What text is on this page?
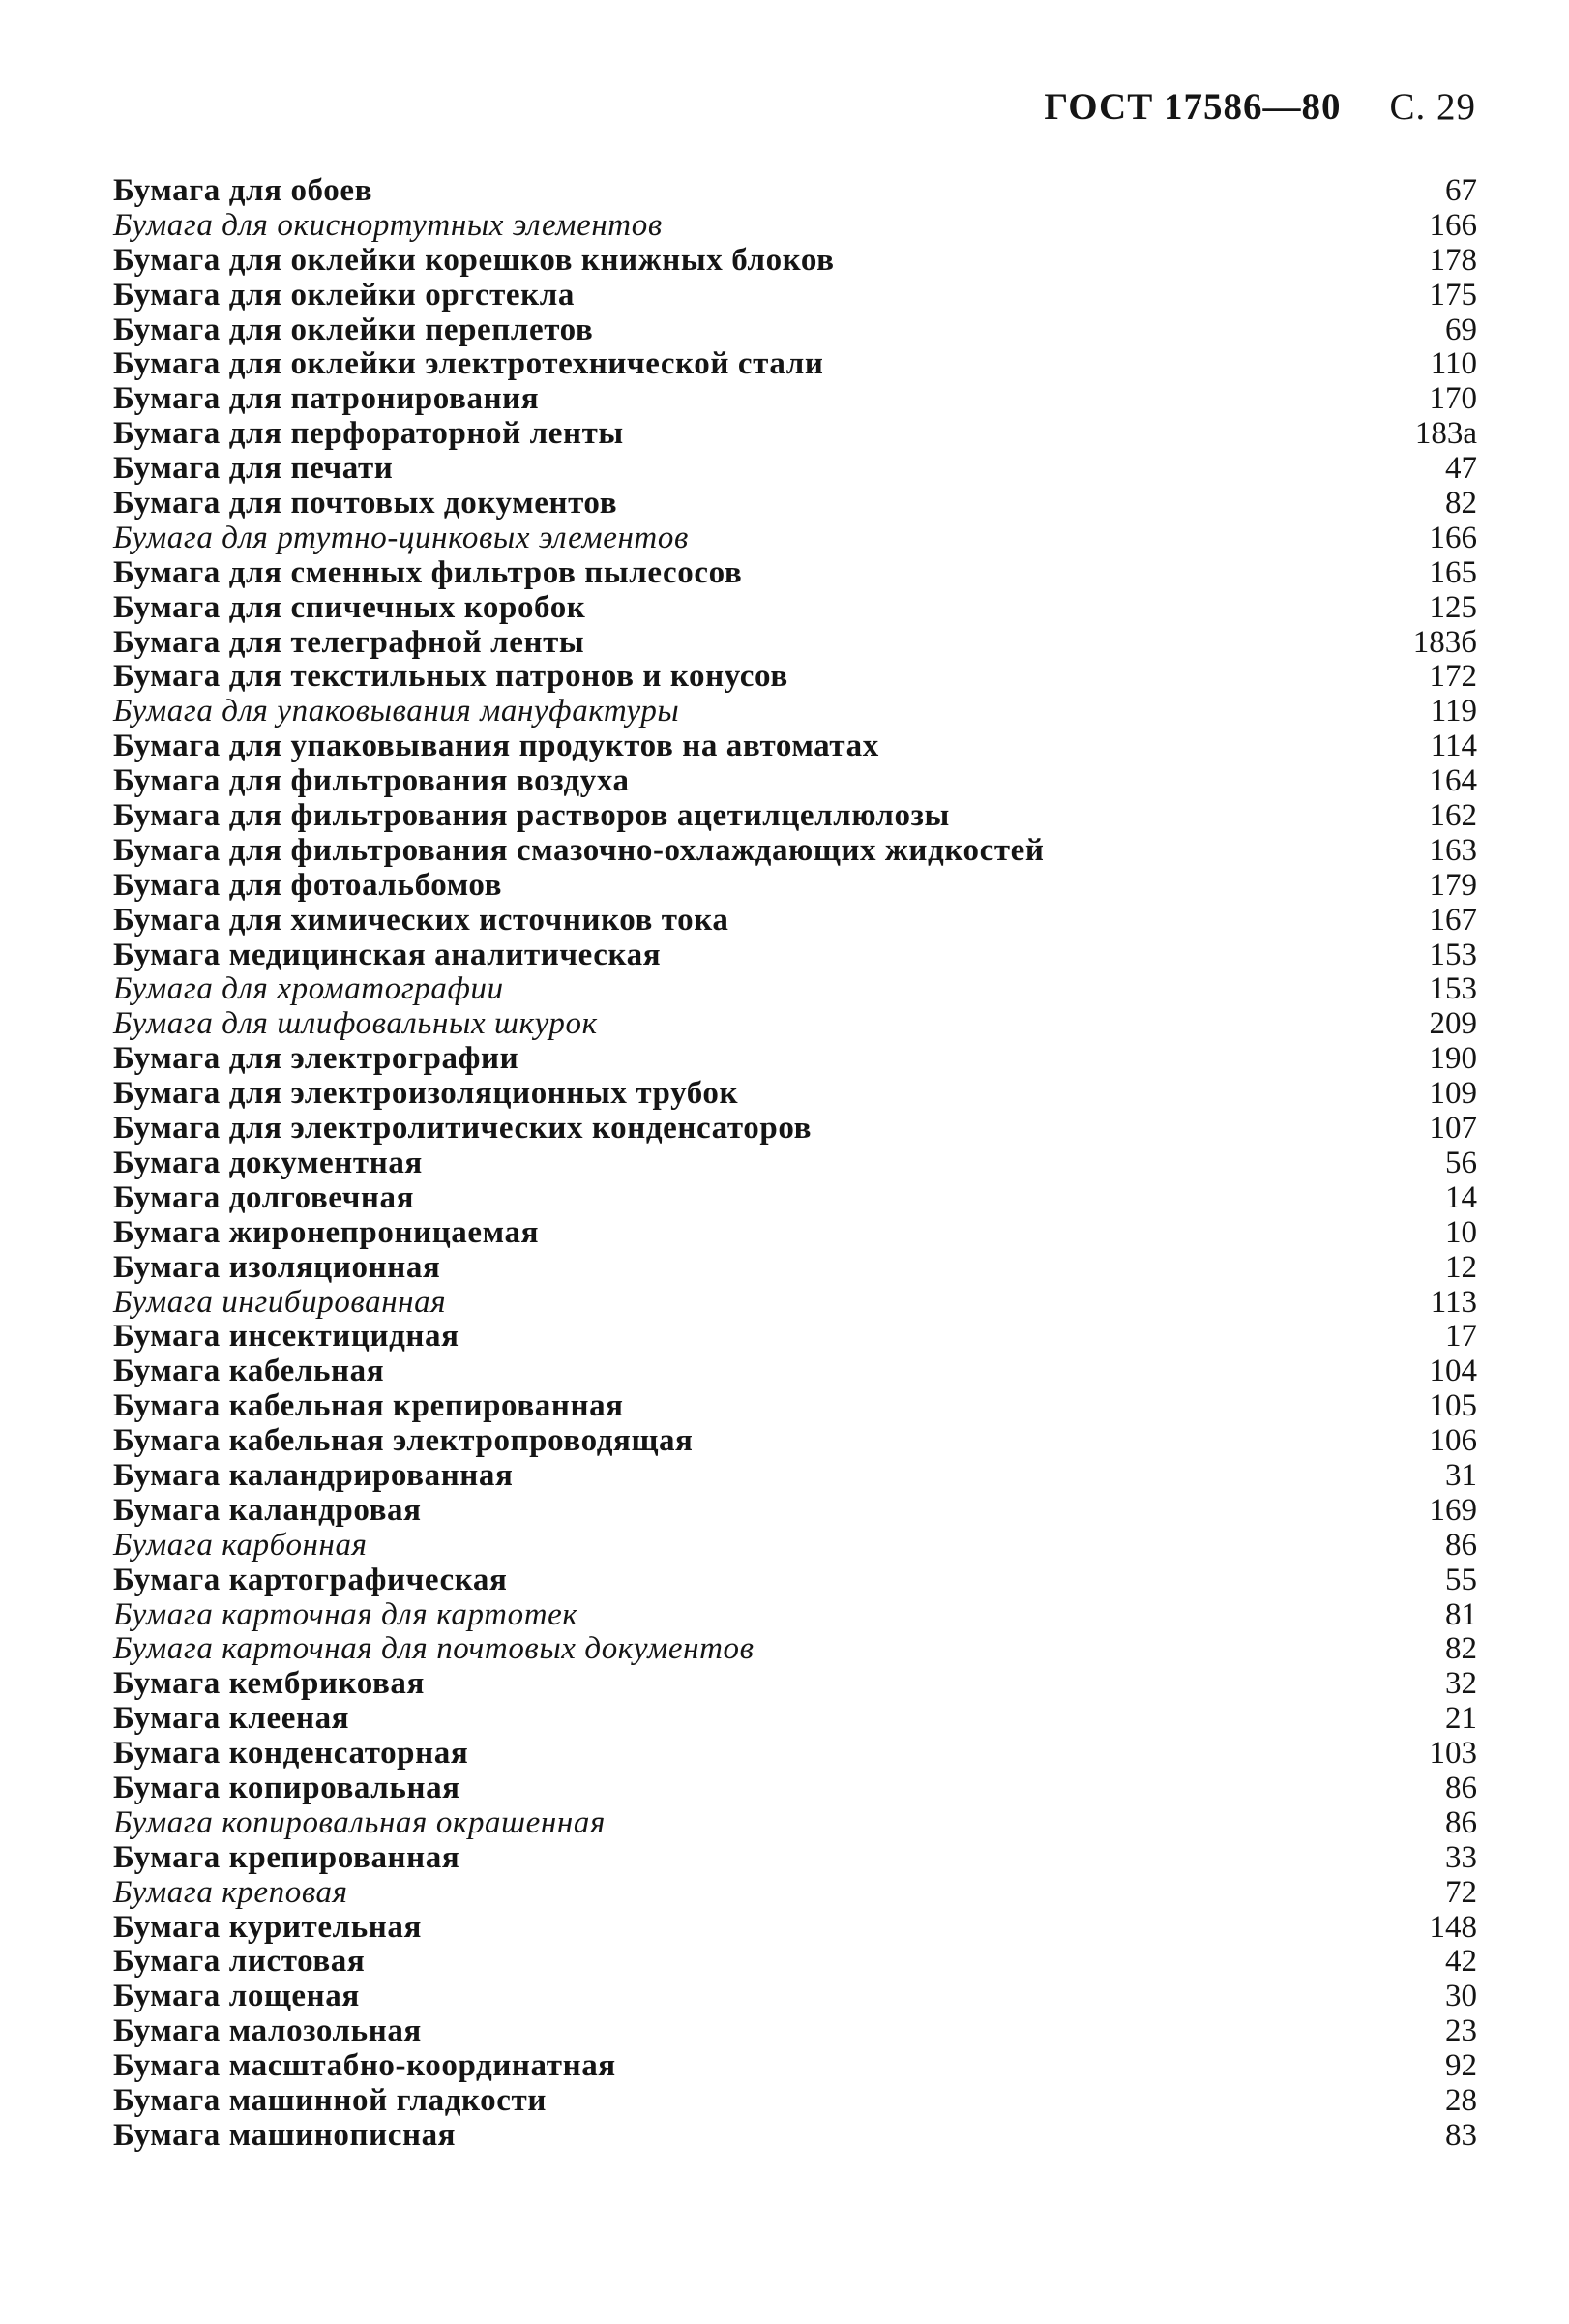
ГОСТ 17586—80 С. 29
Бумага для обоев	67
Бумага для окиснортутных элементов	166
Бумага для оклейки корешков книжных блоков	178
Бумага для оклейки оргстекла	175
Бумага для оклейки переплетов	69
Бумага для оклейки электротехнической стали	110
Бумага для патронирования	170
Бумага для перфораторной ленты	183а
Бумага для печати	47
Бумага для почтовых документов	82
Бумага для ртутно-цинковых элементов	166
Бумага для сменных фильтров пылесосов	165
Бумага для спичечных коробок	125
Бумага для телеграфной ленты	183б
Бумага для текстильных патронов и конусов	172
Бумага для упаковывания мануфактуры	119
Бумага для упаковывания продуктов на автоматах	114
Бумага для фильтрования воздуха	164
Бумага для фильтрования растворов ацетилцеллюлозы	162
Бумага для фильтрования смазочно-охлаждающих жидкостей	163
Бумага для фотоальбомов	179
Бумага для химических источников тока	167
Бумага медицинская аналитическая	153
Бумага для хроматографии	153
Бумага для шлифовальных шкурок	209
Бумага для электрографии	190
Бумага для электроизоляционных трубок	109
Бумага для электролитических конденсаторов	107
Бумага документная	56
Бумага долговечная	14
Бумага жиронепроницаемая	10
Бумага изоляционная	12
Бумага ингибированная	113
Бумага инсектицидная	17
Бумага кабельная	104
Бумага кабельная крепированная	105
Бумага кабельная электропроводящая	106
Бумага каландрированная	31
Бумага каландровая	169
Бумага карбонная	86
Бумага картографическая	55
Бумага карточная для картотек	81
Бумага карточная для почтовых документов	82
Бумага кембриковая	32
Бумага клееная	21
Бумага конденсаторная	103
Бумага копировальная	86
Бумага копировальная окрашенная	86
Бумага крепированная	33
Бумага крепoвая	72
Бумага курительная	148
Бумага листовая	42
Бумага лощеная	30
Бумага малозольная	23
Бумага масштабно-координатная	92
Бумага машинной гладкости	28
Бумага машинописная	83
